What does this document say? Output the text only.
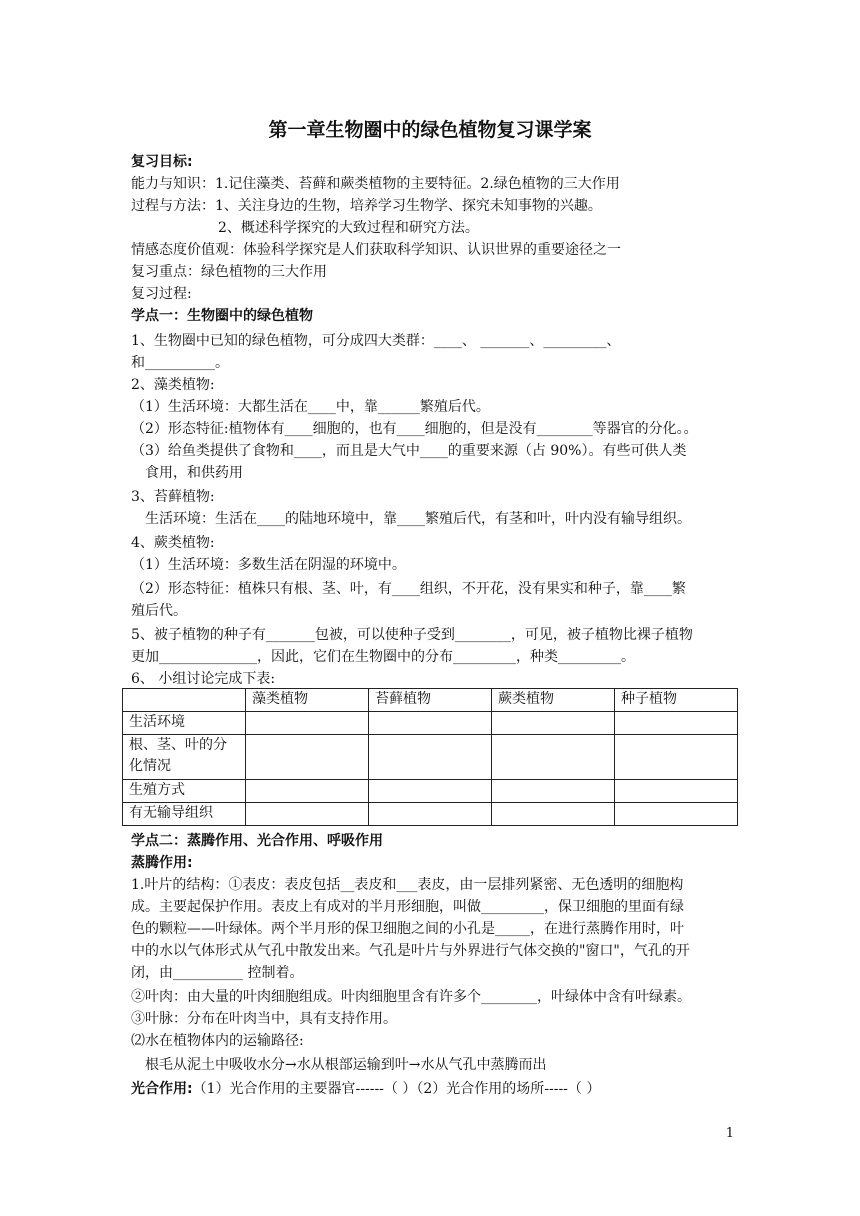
第一章生物圈中的绿色植物复习课学案
复习目标:
能力与知识：1.记住藻类、苔藓和蕨类植物的主要特征。2.绿色植物的三大作用
过程与方法：1、关注身边的生物，培养学习生物学、探究未知事物的兴趣。
2、概述科学探究的大致过程和研究方法。
情感态度价值观：体验科学探究是人们获取科学知识、认识世界的重要途径之一
复习重点：绿色植物的三大作用
复习过程:
学点一：生物圈中的绿色植物
1、生物圈中已知的绿色植物，可分成四大类群：____、 _______、_________、
和__________。
2、藻类植物:
（1）生活环境：大都生活在____中，靠______繁殖后代。
（2）形态特征:植物体有____细胞的，也有____细胞的，但是没有________等器官的分化。。
（3）给鱼类提供了食物和____，而且是大气中____的重要来源（占 90%）。有些可供人类
食用，和供药用
3、苔藓植物:
生活环境：生活在____的陆地环境中，靠____繁殖后代，有茎和叶，叶内没有输导组织。
4、蕨类植物:
（1）生活环境：多数生活在阴湿的环境中。
（2）形态特征：植株只有根、茎、叶，有____组织，不开花，没有果实和种子，靠____繁
殖后代。
5、被子植物的种子有_______包被，可以使种子受到________，可见，被子植物比裸子植物
更加______________，因此，它们在生物圈中的分布_________，种类_________。
6、 小组讨论完成下表:
	藻类植物	苔藓植物	蕨类植物	种子植物
生活环境				
根、茎、叶的分化情况				
生殖方式				
有无输导组织				
学点二：蒸腾作用、光合作用、呼吸作用
蒸腾作用:
1.叶片的结构：①表皮：表皮包括__表皮和___表皮，由一层排列紧密、无色透明的细胞构
成。主要起保护作用。表皮上有成对的半月形细胞，叫做_________，保卫细胞的里面有绿
色的颗粒——叶绿体。两个半月形的保卫细胞之间的小孔是_____，在进行蒸腾作用时，叶
中的水以气体形式从气孔中散发出来。气孔是叶片与外界进行气体交换的"窗口"，气孔的开
闭，由__________ 控制着。
②叶肉：由大量的叶肉细胞组成。叶肉细胞里含有许多个________，叶绿体中含有叶绿素。
③叶脉：分布在叶肉当中，具有支持作用。
⑵水在植物体内的运输路径:
根毛从泥土中吸收水分→水从根部运输到叶→水从气孔中蒸腾而出
光合作用:（1）光合作用的主要器官------（ ）（2）光合作用的场所-----（ ）
1
